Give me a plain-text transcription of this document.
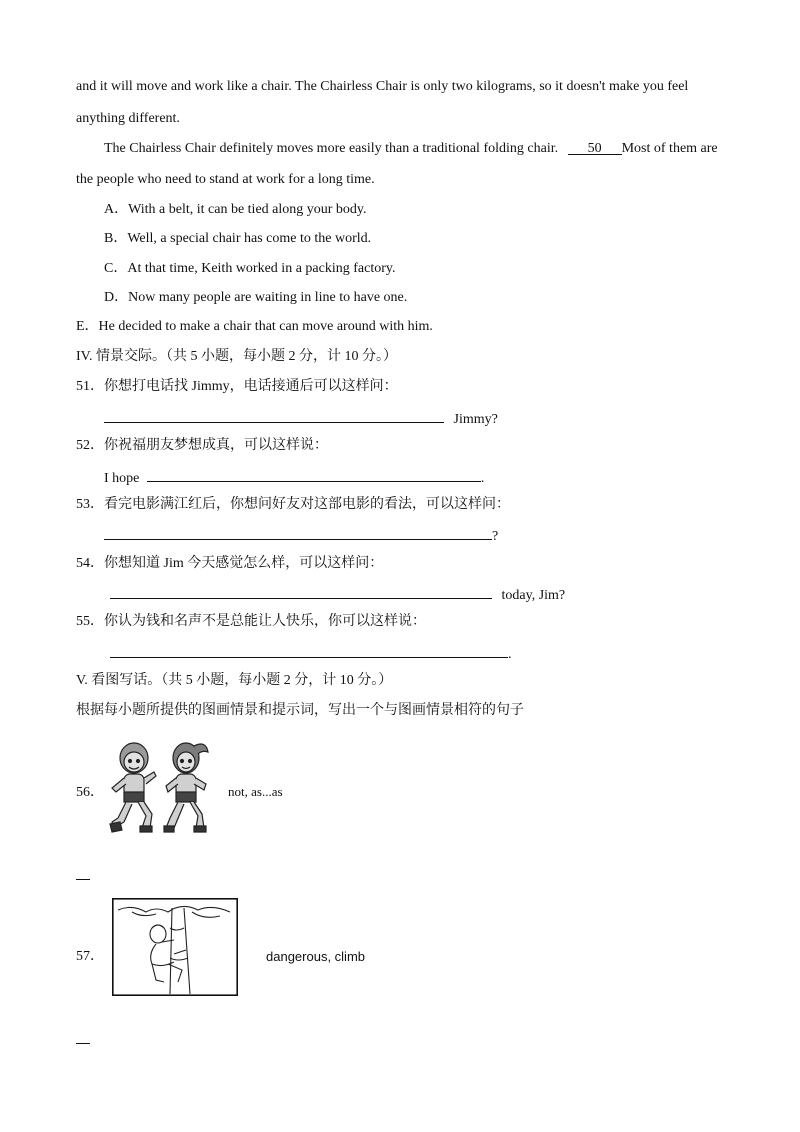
and it will move and work like a chair. The Chairless Chair is only two kilograms, so it doesn't make you feel
anything different.
The Chairless Chair definitely moves more easily than a traditional folding chair. 50 Most of them are
the people who need to stand at work for a long time.
A．With a belt, it can be tied along your body.
B．Well, a special chair has come to the world.
C．At that time, Keith worked in a packing factory.
D．Now many people are waiting in line to have one.
E．He decided to make a chair that can move around with him.
IV. 情景交际。（共 5 小题，每小题 2 分，计 10 分。）
51．你想打电话找 Jimmy，电话接通后可以这样问：
Jimmy?
52．你祝福朋友梦想成真，可以这样说：
I hope	.
53．看完电影满江红后，你想问好友对这部电影的看法，可以这样问：
?
54．你想知道 Jim 今天感觉怎么样，可以这样问：
today, Jim?
55．你认为钱和名声不是总能让人快乐，你可以这样说：
.
V. 看图写话。（共 5 小题，每小题 2 分，计 10 分。）
根据每小题所提供的图画情景和提示词，写出一个与图画情景相符的句子
56．	not, as...as
57．	dangerous, climb
